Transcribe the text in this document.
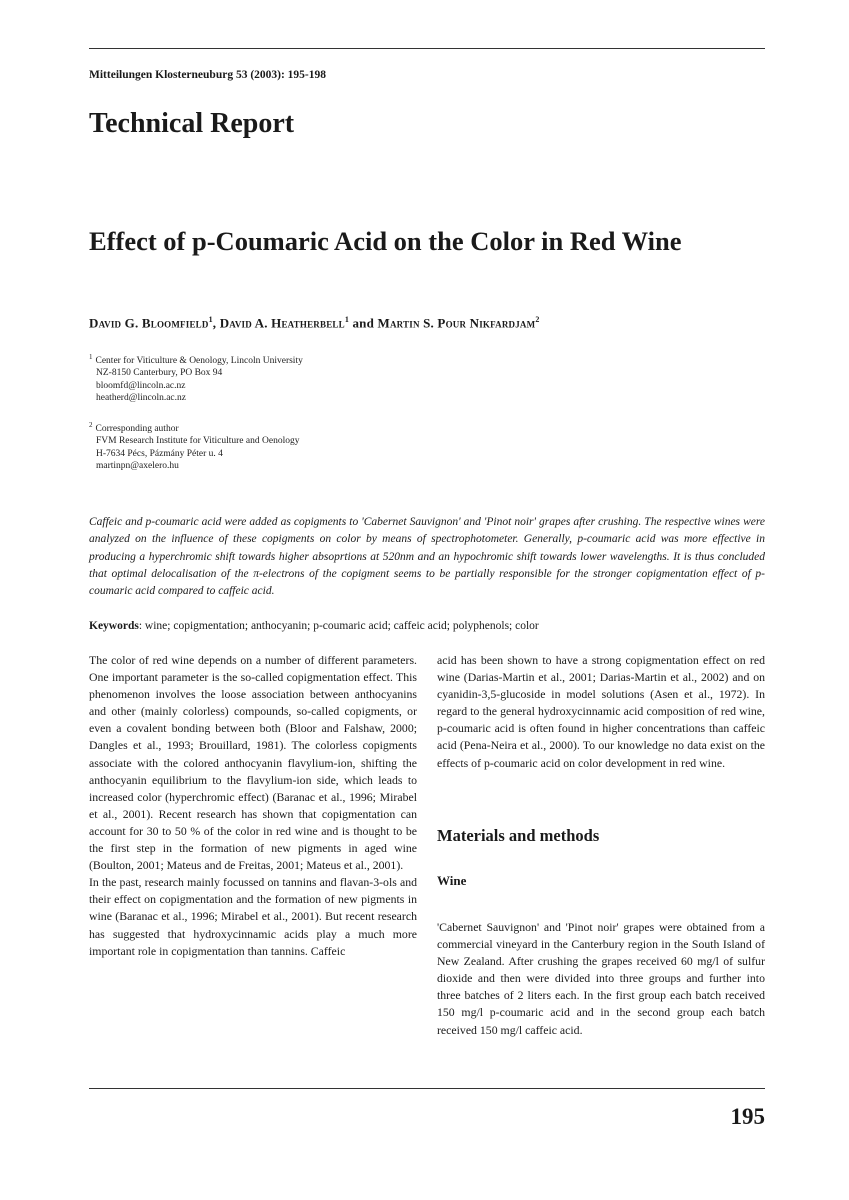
Mitteilungen Klosterneuburg 53 (2003): 195-198
Technical Report
Effect of p-Coumaric Acid on the Color in Red Wine
David G. Bloomfield$^1$, David A. Heatherbell$^1$ and Martin S. Pour Nikfardjam$^2$
$^1$ Center for Viticulture & Oenology, Lincoln University
NZ-8150 Canterbury, PO Box 94
bloomfd@lincoln.ac.nz
heatherd@lincoln.ac.nz
$^2$ Corresponding author
FVM Research Institute for Viticulture and Oenology
H-7634 Pécs, Pázmány Péter u. 4
martinpn@axelero.hu

Caffeic and p-coumaric acid were added as copigments to 'Cabernet Sauvignon' and 'Pinot noir' grapes after crushing. The respective wines were analyzed on the influence of these copigments on color by means of spectrophotometer. Generally, p-coumaric acid was more effective in producing a hyperchromic shift towards higher absoprtions at 520nm and an hypochromic shift towards lower wavelengths. It is thus concluded that optimal delocalisation of the π-electrons of the copigment seems to be partially responsible for the stronger copigmentation effect of p-coumaric acid compared to caffeic acid.

Keywords: wine; copigmentation; anthocyanin; p-coumaric acid; caffeic acid; polyphenols; color

The color of red wine depends on a number of different parameters. One important parameter is the so-called copigmentation effect. This phenomenon involves the loose association between anthocyanins and other (mainly colorless) compounds, so-called copigments, or even a covalent bonding between both (Bloor and Falshaw, 2000; Dangles et al., 1993; Brouillard, 1981). The colorless copigments associate with the colored anthocyanin flavylium-ion, shifting the anthocyanin equilibrium to the flavylium-ion side, which leads to increased color (hyperchromic effect) (Baranac et al., 1996; Mirabel et al., 2001). Recent research has shown that copigmentation can account for 30 to 50 % of the color in red wine and is thought to be the first step in the formation of new pigments in aged wine (Boulton, 2001; Mateus and de Freitas, 2001; Mateus et al., 2001).

In the past, research mainly focussed on tannins and flavan-3-ols and their effect on copigmentation and the formation of new pigments in wine (Baranac et al., 1996; Mirabel et al., 2001). But recent research has suggested that hydroxycinnamic acids play a much more important role in copigmentation than tannins. Caffeic

acid has been shown to have a strong copigmentation effect on red wine (Darias-Martin et al., 2001; Darias-Martin et al., 2002) and on cyanidin-3,5-glucoside in model solutions (Asen et al., 1972). In regard to the general hydroxycinnamic acid composition of red wine, p-coumaric acid is often found in higher concentrations than caffeic acid (Pena-Neira et al., 2000). To our knowledge no data exist on the effects of p-coumaric acid on color development in red wine.

Materials and methods
Wine

'Cabernet Sauvignon' and 'Pinot noir' grapes were obtained from a commercial vineyard in the Canterbury region in the South Island of New Zealand. After crushing the grapes received 60 mg/l of sulfur dioxide and then were divided into three groups and further into three batches of 2 liters each. In the first group each batch received 150 mg/l p-coumaric acid and in the second group each batch received 150 mg/l caffeic acid.

195
